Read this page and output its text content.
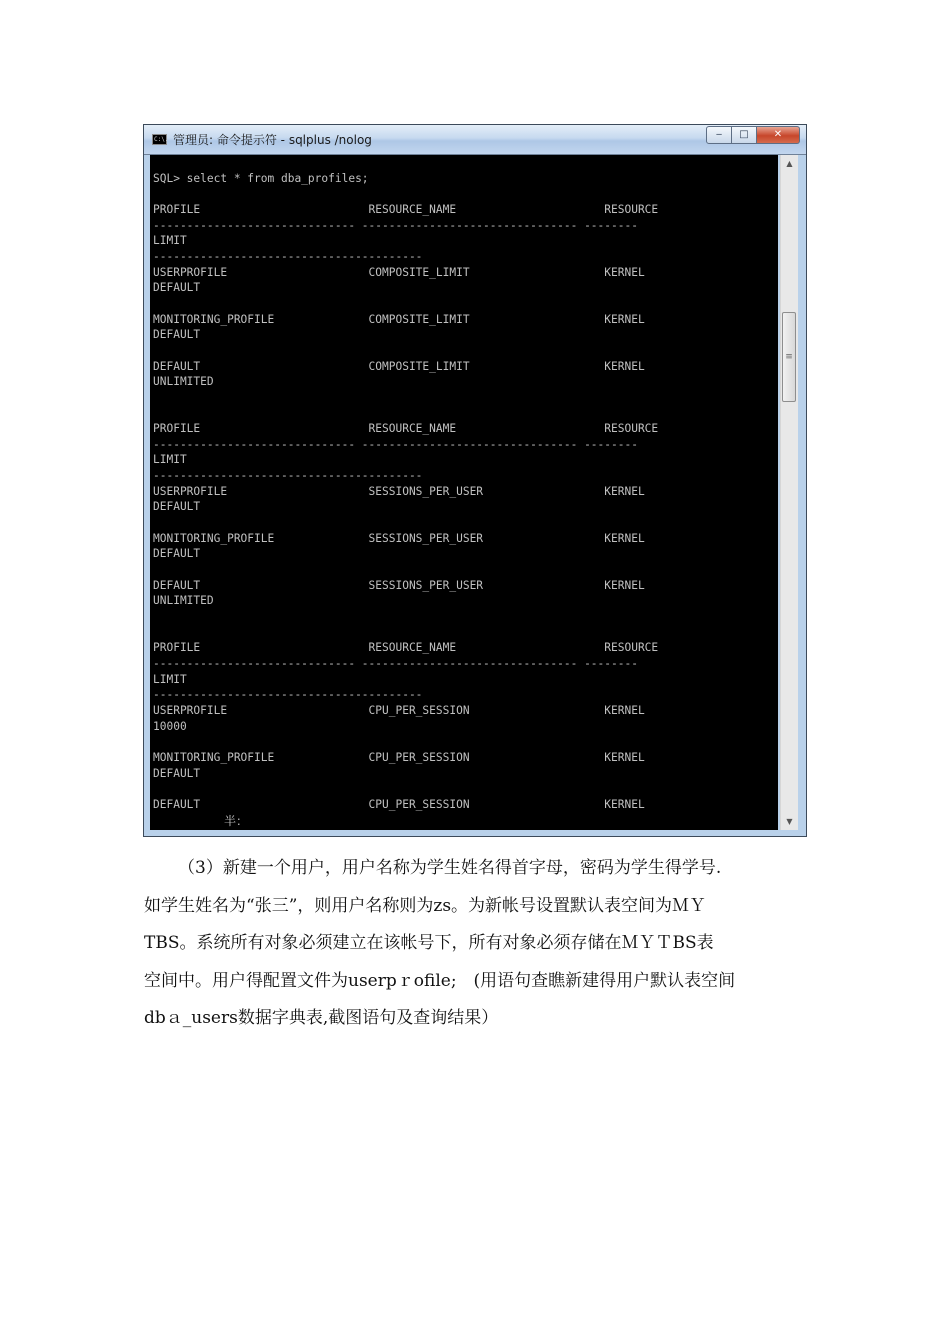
C:\. 管理员: 命令提示符 - sqlplus /nolog	‒	□	✕
SQL> select * from dba_profiles;

PROFILE                         RESOURCE_NAME                      RESOURCE
------------------------------ -------------------------------- --------
LIMIT
----------------------------------------
USERPROFILE                     COMPOSITE_LIMIT                    KERNEL
DEFAULT

MONITORING_PROFILE              COMPOSITE_LIMIT                    KERNEL
DEFAULT

DEFAULT                         COMPOSITE_LIMIT                    KERNEL
UNLIMITED

PROFILE                         RESOURCE_NAME                      RESOURCE
------------------------------ -------------------------------- --------
LIMIT
----------------------------------------
USERPROFILE                     SESSIONS_PER_USER                  KERNEL
DEFAULT

MONITORING_PROFILE              SESSIONS_PER_USER                  KERNEL
DEFAULT

DEFAULT                         SESSIONS_PER_USER                  KERNEL
UNLIMITED

PROFILE                         RESOURCE_NAME                      RESOURCE
------------------------------ -------------------------------- --------
LIMIT
----------------------------------------
USERPROFILE                     CPU_PER_SESSION                    KERNEL
10000

MONITORING_PROFILE              CPU_PER_SESSION                    KERNEL
DEFAULT

DEFAULT                         CPU_PER_SESSION                    KERNEL
▲
≡
▼
半：

（3）新建一个用户，用户名称为学生姓名得首字母，密码为学生得学号.
如学生姓名为“张三”，则用户名称则为zs。为新帐号设置默认表空间为ＭＹ
TBS。系统所有对象必须建立在该帐号下，所有对象必须存储在ＭＹＴBS表
空间中。用户得配置文件为userpｒofile;　(用语句查瞧新建得用户默认表空间
dbａ_users数据字典表,截图语句及查询结果）
